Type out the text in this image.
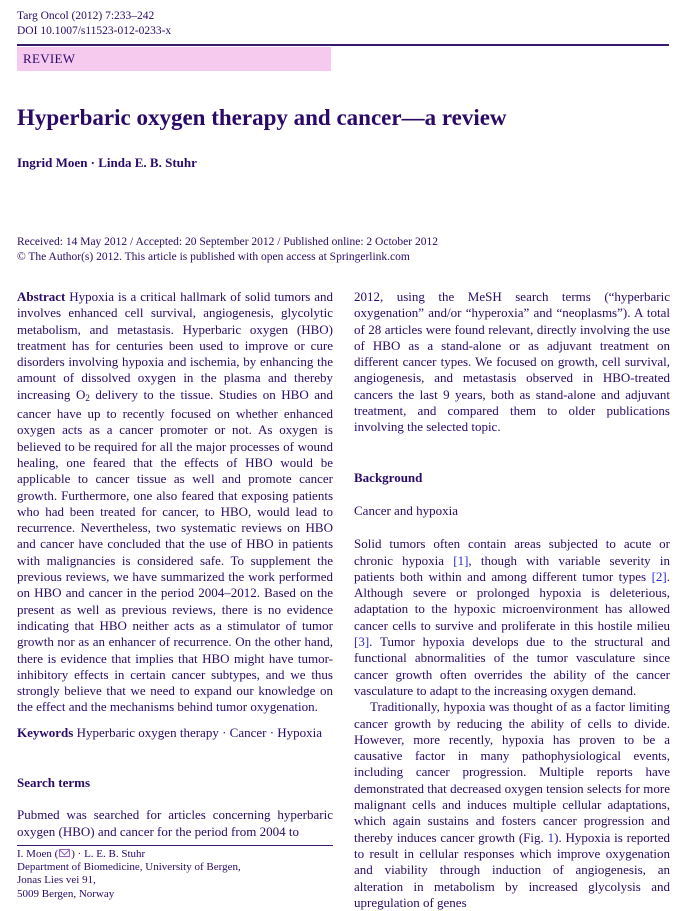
Targ Oncol (2012) 7:233–242
DOI 10.1007/s11523-012-0233-x
REVIEW
Hyperbaric oxygen therapy and cancer—a review
Ingrid Moen · Linda E. B. Stuhr
Received: 14 May 2012 / Accepted: 20 September 2012 / Published online: 2 October 2012
© The Author(s) 2012. This article is published with open access at Springerlink.com

Abstract Hypoxia is a critical hallmark of solid tumors and involves enhanced cell survival, angiogenesis, glycolytic metabolism, and metastasis. Hyperbaric oxygen (HBO) treatment has for centuries been used to improve or cure disorders involving hypoxia and ischemia, by enhancing the amount of dissolved oxygen in the plasma and thereby increasing $O_2$ delivery to the tissue. Studies on HBO and cancer have up to recently focused on whether enhanced oxygen acts as a cancer promoter or not. As oxygen is believed to be required for all the major processes of wound healing, one feared that the effects of HBO would be applicable to cancer tissue as well and promote cancer growth. Furthermore, one also feared that exposing patients who had been treated for cancer, to HBO, would lead to recurrence. Nevertheless, two systematic reviews on HBO and cancer have concluded that the use of HBO in patients with malignancies is considered safe. To supplement the previous reviews, we have summarized the work performed on HBO and cancer in the period 2004–2012. Based on the present as well as previous reviews, there is no evidence indicating that HBO neither acts as a stimulator of tumor growth nor as an enhancer of recurrence. On the other hand, there is evidence that implies that HBO might have tumor-inhibitory effects in certain cancer subtypes, and we thus strongly believe that we need to expand our knowledge on the effect and the mechanisms behind tumor oxygenation.

Keywords Hyperbaric oxygen therapy · Cancer · Hypoxia

Search terms

Pubmed was searched for articles concerning hyperbaric oxygen (HBO) and cancer for the period from 2004 to

2012, using the MeSH search terms (“hyperbaric oxygenation” and/or “hyperoxia” and “neoplasms”). A total of 28 articles were found relevant, directly involving the use of HBO as a stand-alone or as adjuvant treatment on different cancer types. We focused on growth, cell survival, angiogenesis, and metastasis observed in HBO-treated cancers the last 9 years, both as stand-alone and adjuvant treatment, and compared them to older publications involving the selected topic.

Background

Cancer and hypoxia

Solid tumors often contain areas subjected to acute or chronic hypoxia [1], though with variable severity in patients both within and among different tumor types [2]. Although severe or prolonged hypoxia is deleterious, adaptation to the hypoxic microenvironment has allowed cancer cells to survive and proliferate in this hostile milieu [3]. Tumor hypoxia develops due to the structural and functional abnormalities of the tumor vasculature since cancer growth often overrides the ability of the cancer vasculature to adapt to the increasing oxygen demand.

Traditionally, hypoxia was thought of as a factor limiting cancer growth by reducing the ability of cells to divide. However, more recently, hypoxia has proven to be a causative factor in many pathophysiological events, including cancer progression. Multiple reports have demonstrated that decreased oxygen tension selects for more malignant cells and induces multiple cellular adaptations, which again sustains and fosters cancer progression and thereby induces cancer growth (Fig. 1). Hypoxia is reported to result in cellular responses which improve oxygenation and viability through induction of angiogenesis, an alteration in metabolism by increased glycolysis and upregulation of genes

I. Moen ( ) · L. E. B. Stuhr
Department of Biomedicine, University of Bergen,
Jonas Lies vei 91,
5009 Bergen, Norway
